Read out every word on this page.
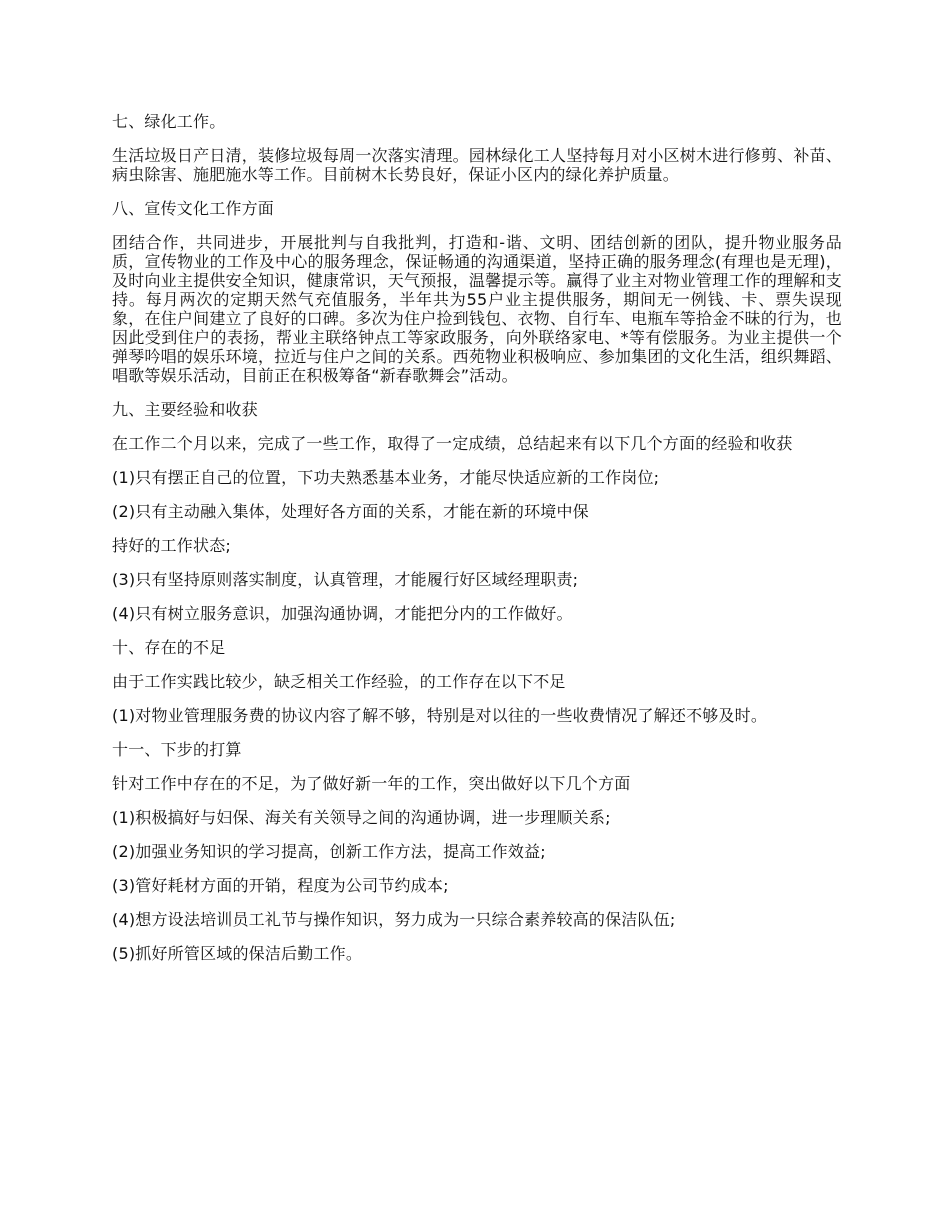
七、绿化工作。

生活垃圾日产日清，装修垃圾每周一次落实清理。园林绿化工人坚持每月对小区树木进行修剪、补苗、病虫除害、施肥施水等工作。目前树木长势良好，保证小区内的绿化养护质量。

八、宣传文化工作方面

团结合作，共同进步，开展批判与自我批判，打造和-谐、文明、团结创新的团队，提升物业服务品质，宣传物业的工作及中心的服务理念，保证畅通的沟通渠道，坚持正确的服务理念(有理也是无理)，及时向业主提供安全知识，健康常识，天气预报，温馨提示等。赢得了业主对物业管理工作的理解和支持。每月两次的定期天然气充值服务，半年共为55户业主提供服务，期间无一例钱、卡、票失误现象，在住户间建立了良好的口碑。多次为住户捡到钱包、衣物、自行车、电瓶车等拾金不昧的行为，也因此受到住户的表扬，帮业主联络钟点工等家政服务，向外联络家电、*等有偿服务。为业主提供一个弹琴吟唱的娱乐环境，拉近与住户之间的关系。西苑物业积极响应、参加集团的文化生活，组织舞蹈、唱歌等娱乐活动，目前正在积极筹备“新春歌舞会”活动。

九、主要经验和收获

在工作二个月以来，完成了一些工作，取得了一定成绩，总结起来有以下几个方面的经验和收获

(1)只有摆正自己的位置，下功夫熟悉基本业务，才能尽快适应新的工作岗位;

(2)只有主动融入集体，处理好各方面的关系，才能在新的环境中保

持好的工作状态;

(3)只有坚持原则落实制度，认真管理，才能履行好区域经理职责;

(4)只有树立服务意识，加强沟通协调，才能把分内的工作做好。

十、存在的不足

由于工作实践比较少，缺乏相关工作经验，的工作存在以下不足

(1)对物业管理服务费的协议内容了解不够，特别是对以往的一些收费情况了解还不够及时。

十一、下步的打算

针对工作中存在的不足，为了做好新一年的工作，突出做好以下几个方面

(1)积极搞好与妇保、海关有关领导之间的沟通协调，进一步理顺关系;

(2)加强业务知识的学习提高，创新工作方法，提高工作效益;

(3)管好耗材方面的开销，程度为公司节约成本;

(4)想方设法培训员工礼节与操作知识，努力成为一只综合素养较高的保洁队伍;

(5)抓好所管区域的保洁后勤工作。
